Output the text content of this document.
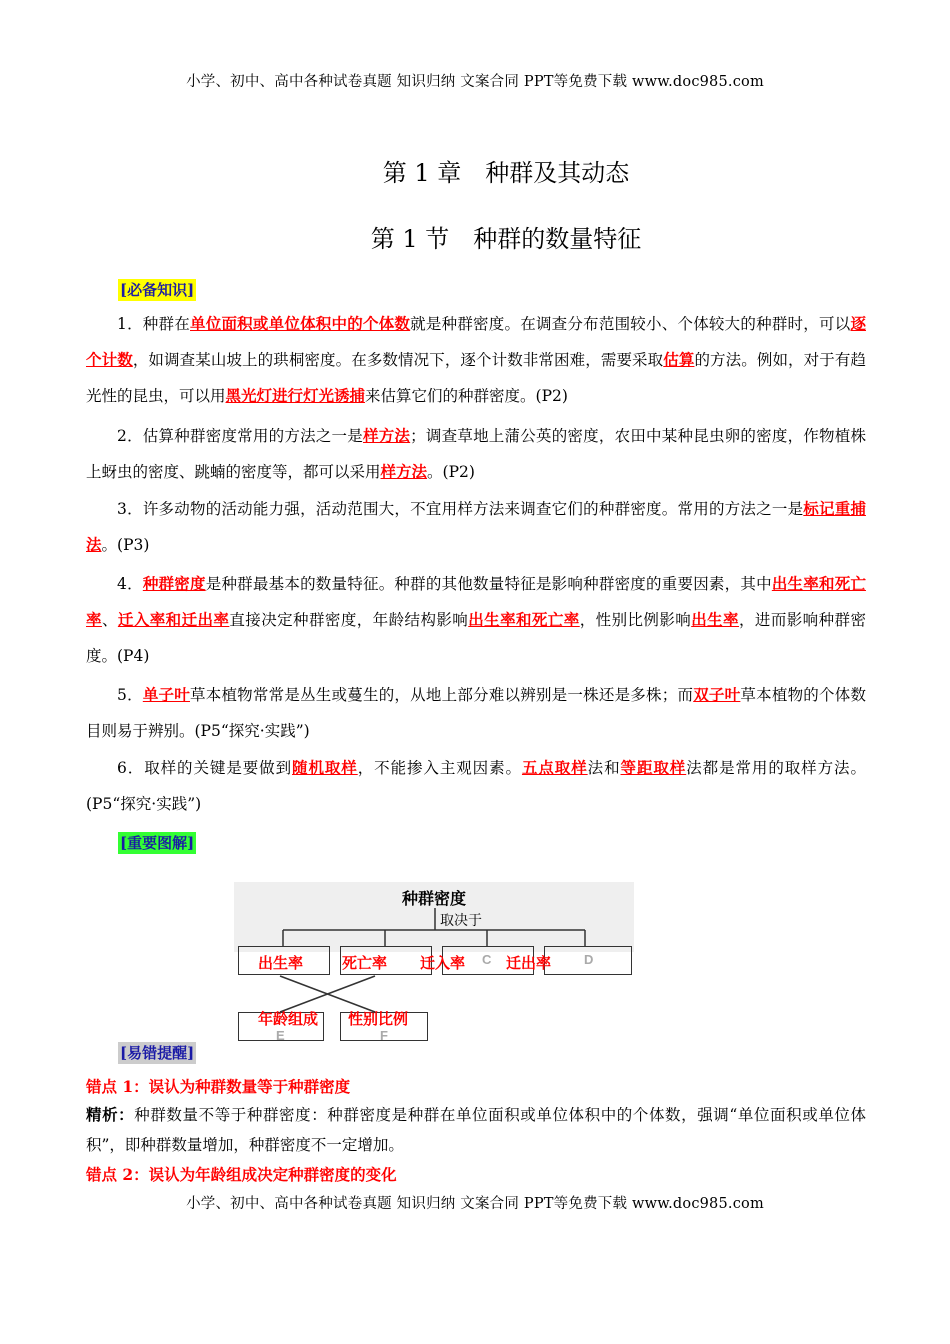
小学、初中、高中各种试卷真题 知识归纳 文案合同 PPT等免费下载 www.doc985.com
第 1 章　种群及其动态
第 1 节　种群的数量特征
[必备知识]
1．种群在单位面积或单位体积中的个体数就是种群密度。在调查分布范围较小、个体较大的种群时，可以逐个计数，如调查某山坡上的珙桐密度。在多数情况下，逐个计数非常困难，需要采取估算的方法。例如，对于有趋光性的昆虫，可以用黑光灯进行灯光诱捕来估算它们的种群密度。(P2)
2．估算种群密度常用的方法之一是样方法；调查草地上蒲公英的密度，农田中某种昆虫卵的密度，作物植株上蚜虫的密度、跳蝻的密度等，都可以采用样方法。(P2)
3．许多动物的活动能力强，活动范围大，不宜用样方法来调查它们的种群密度。常用的方法之一是标记重捕法。(P3)
4．种群密度是种群最基本的数量特征。种群的其他数量特征是影响种群密度的重要因素，其中出生率和死亡率、迁入率和迁出率直接决定种群密度，年龄结构影响出生率和死亡率，性别比例影响出生率，进而影响种群密度。(P4)
5．单子叶草本植物常常是丛生或蔓生的，从地上部分难以辨别是一株还是多株；而双子叶草本植物的个体数目则易于辨别。(P5“探究·实践”)
6．取样的关键是要做到随机取样，不能掺入主观因素。五点取样法和等距取样法都是常用的取样方法。(P5“探究·实践”)
[重要图解]
种群密度
取决于
C	D
E	F
出生率	死亡率 迁入率	迁出率
年龄组成 性别比例
[易错提醒]
错点 1：误认为种群数量等于种群密度
精析：种群数量不等于种群密度：种群密度是种群在单位面积或单位体积中的个体数，强调“单位面积或单位体积”，即种群数量增加，种群密度不一定增加。
错点 2：误认为年龄组成决定种群密度的变化
小学、初中、高中各种试卷真题 知识归纳 文案合同 PPT等免费下载 www.doc985.com
